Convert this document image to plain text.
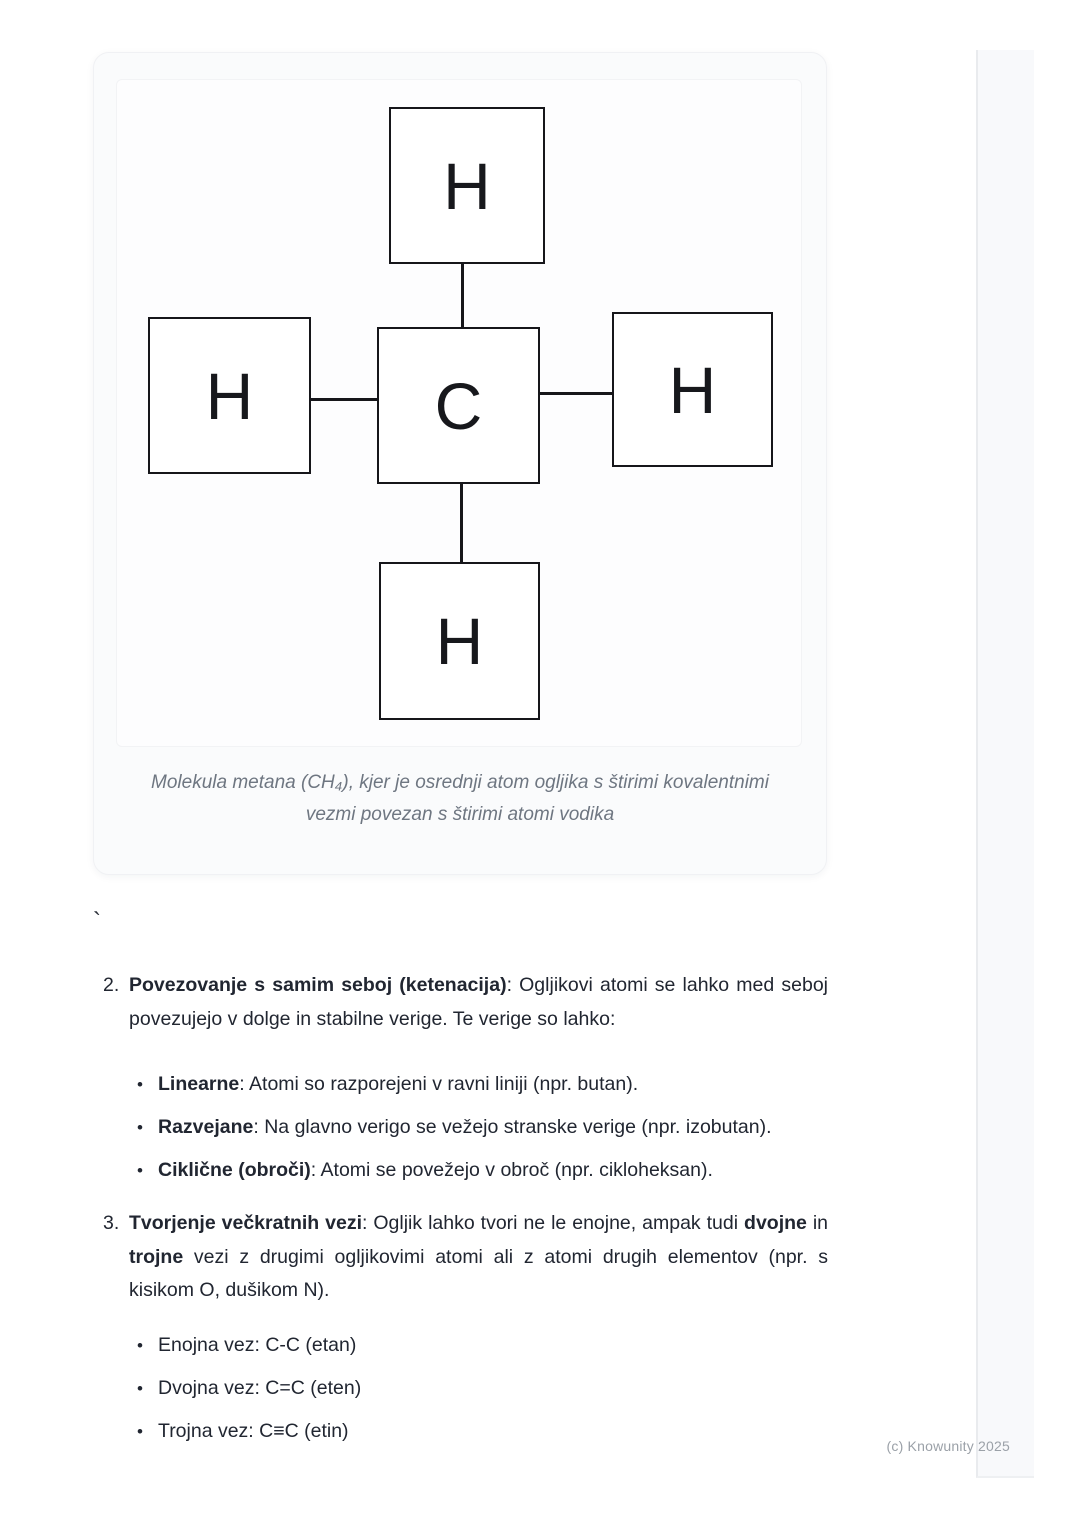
H
H	C	H
H
Molekula metana (CH₄), kjer je osrednji atom ogljika s štirimi kovalentnimi
vezmi povezan s štirimi atomi vodika
`
2. Povezovanje s samim seboj (ketenacija): Ogljikovi atomi se lahko med seboj povezujejo v dolge in stabilne verige. Te verige so lahko:
• Linearne: Atomi so razporejeni v ravni liniji (npr. butan).
• Razvejane: Na glavno verigo se vežejo stranske verige (npr. izobutan).
• Ciklične (obroči): Atomi se povežejo v obroč (npr. cikloheksan).
3. Tvorjenje večkratnih vezi: Ogljik lahko tvori ne le enojne, ampak tudi dvojne in trojne vezi z drugimi ogljikovimi atomi ali z atomi drugih elementov (npr. s kisikom O, dušikom N).
• Enojna vez: C-C (etan)
• Dvojna vez: C=C (eten)
• Trojna vez: C≡C (etin)
(c) Knowunity 2025
